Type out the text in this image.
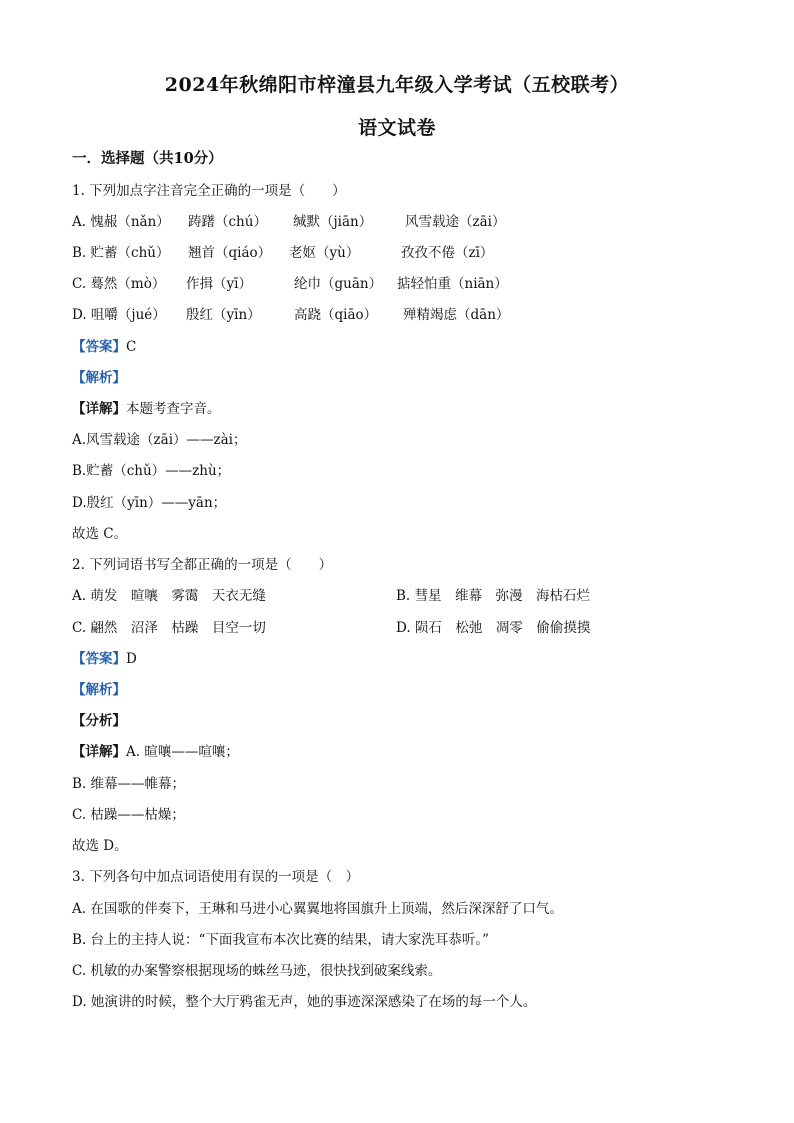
2024年秋绵阳市梓潼县九年级入学考试（五校联考）
语文试卷
一．选择题（共10分）
1. 下列加点字注音完全正确的一项是（　　）
A. 愧赧（nǎn） 踌躇（chú） 缄默（jiān） 风雪载途（zāi）
B. 贮蓄（chǔ） 翘首（qiáo） 老妪（yù）	孜孜不倦（zī）
C. 蓦然（mò） 作揖（yī）	纶巾（guān） 掂轻怕重（niān）
D. 咀嚼（jué） 殷红（yīn） 高跷（qiāo） 殚精竭虑（dān）
【答案】C
【解析】
【详解】本题考查字音。
A.风雪载途（zāi）——zài；
B.贮蓄（chǔ）——zhù；
D.殷红（yīn）——yān；
故选 C。
2. 下列词语书写全都正确的一项是（　　）
A. 萌发　暄嚷　雾霭　天衣无缝	B. 彗星　维幕　弥漫　海枯石烂
C. 翩然　沼泽　枯躁　目空一切	D. 陨石　松弛　凋零　偷偷摸摸
【答案】D
【解析】
【分析】
【详解】A. 暄嚷——喧嚷；
B. 维幕——帷幕；
C. 枯躁——枯燥；
故选 D。
3. 下列各句中加点词语使用有误的一项是（　）
A. 在国歌的伴奏下，王琳和马进小心翼翼地将国旗升上顶端，然后深深舒了口气。
B. 台上的主持人说：“下面我宣布本次比赛的结果，请大家洗耳恭听。”
C. 机敏的办案警察根据现场的蛛丝马迹，很快找到破案线索。
D. 她演讲的时候，整个大厅鸦雀无声，她的事迹深深感染了在场的每一个人。
